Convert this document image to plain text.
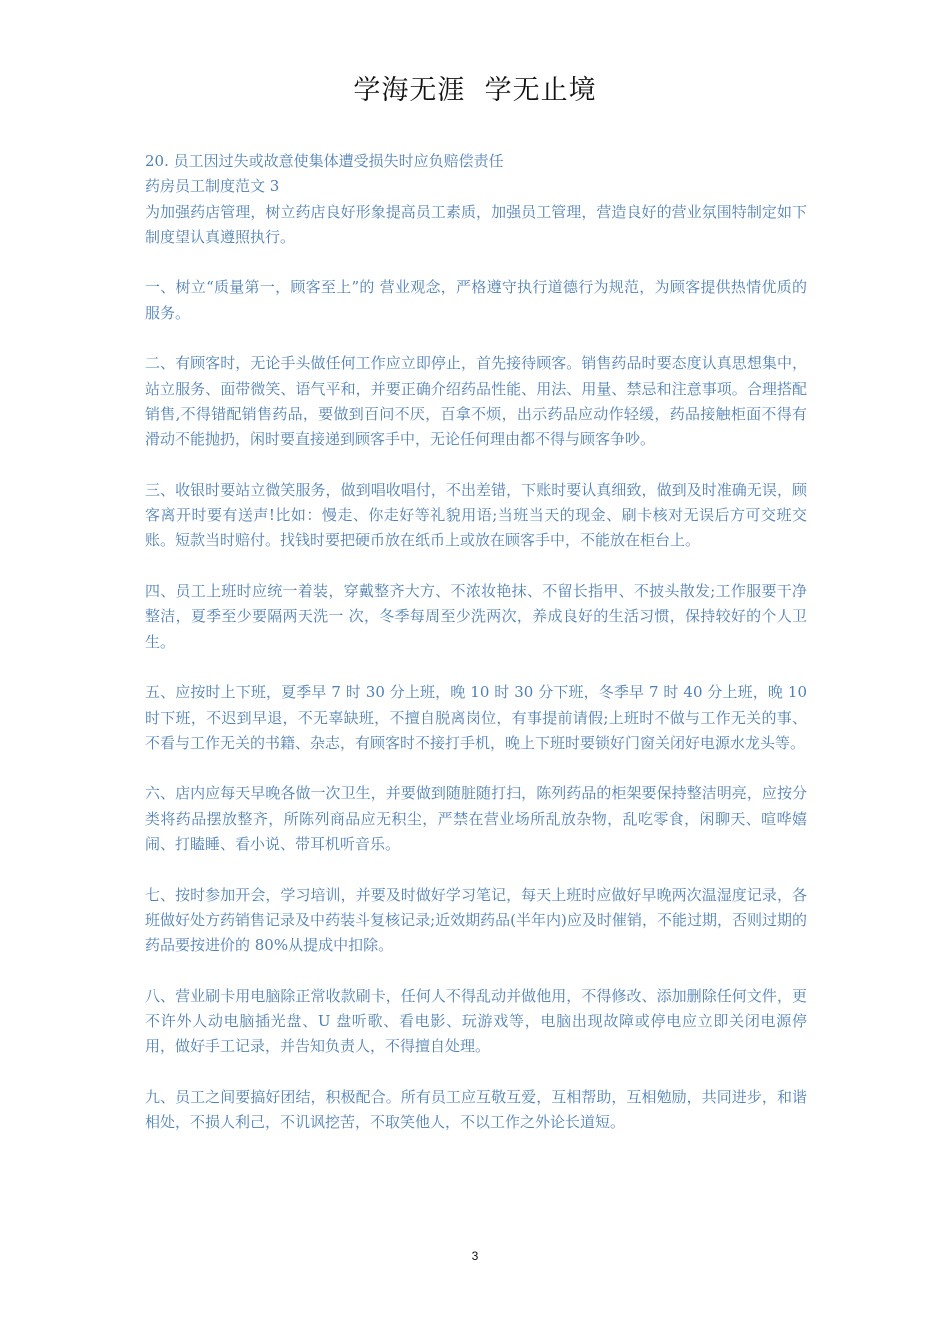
学海无涯  学无止境

20. 员工因过失或故意使集体遭受损失时应负赔偿责任

药房员工制度范文 3

为加强药店管理，树立药店良好形象提高员工素质，加强员工管理，营造良好的营业氛围特制定如下制度望认真遵照执行。

一、树立“质量第一，顾客至上”的 营业观念，严格遵守执行道德行为规范，为顾客提供热情优质的服务。

二、有顾客时，无论手头做任何工作应立即停止，首先接待顾客。销售药品时要态度认真思想集中，站立服务、面带微笑、语气平和，并要正确介绍药品性能、用法、用量、禁忌和注意事项。合理搭配销售,不得错配销售药品，要做到百问不厌，百拿不烦，出示药品应动作轻缓，药品接触柜面不得有滑动不能抛扔，闲时要直接递到顾客手中，无论任何理由都不得与顾客争吵。

三、收银时要站立微笑服务，做到唱收唱付，不出差错，下账时要认真细致，做到及时准确无误，顾客离开时要有送声!比如：慢走、你走好等礼貌用语;当班当天的现金、刷卡核对无误后方可交班交账。短款当时赔付。找钱时要把硬币放在纸币上或放在顾客手中，不能放在柜台上。

四、员工上班时应统一着装，穿戴整齐大方、不浓妆艳抹、不留长指甲、不披头散发;工作服要干净整洁，夏季至少要隔两天洗一 次，冬季每周至少洗两次，养成良好的生活习惯，保持较好的个人卫生。

五、应按时上下班，夏季早 7 时 30 分上班，晚 10 时 30 分下班，冬季早 7 时 40 分上班，晚 10 时下班，不迟到早退，不无辜缺班，不擅自脱离岗位，有事提前请假;上班时不做与工作无关的事、不看与工作无关的书籍、杂志，有顾客时不接打手机，晚上下班时要锁好门窗关闭好电源水龙头等。

六、店内应每天早晚各做一次卫生，并要做到随脏随打扫，陈列药品的柜架要保持整洁明亮，应按分类将药品摆放整齐，所陈列商品应无积尘，严禁在营业场所乱放杂物，乱吃零食，闲聊天、喧哗嬉闹、打瞌睡、看小说、带耳机听音乐。

七、按时参加开会，学习培训，并要及时做好学习笔记，每天上班时应做好早晚两次温湿度记录，各班做好处方药销售记录及中药装斗复核记录;近效期药品(半年内)应及时催销，不能过期，否则过期的药品要按进价的 80%从提成中扣除。

八、营业刷卡用电脑除正常收款刷卡，任何人不得乱动并做他用，不得修改、添加删除任何文件，更不许外人动电脑插光盘、U 盘听歌、看电影、玩游戏等，电脑出现故障或停电应立即关闭电源停用，做好手工记录，并告知负责人，不得擅自处理。

九、员工之间要搞好团结，积极配合。所有员工应互敬互爱，互相帮助，互相勉励，共同进步，和谐相处，不损人利己，不讥讽挖苦，不取笑他人，不以工作之外论长道短。

3
